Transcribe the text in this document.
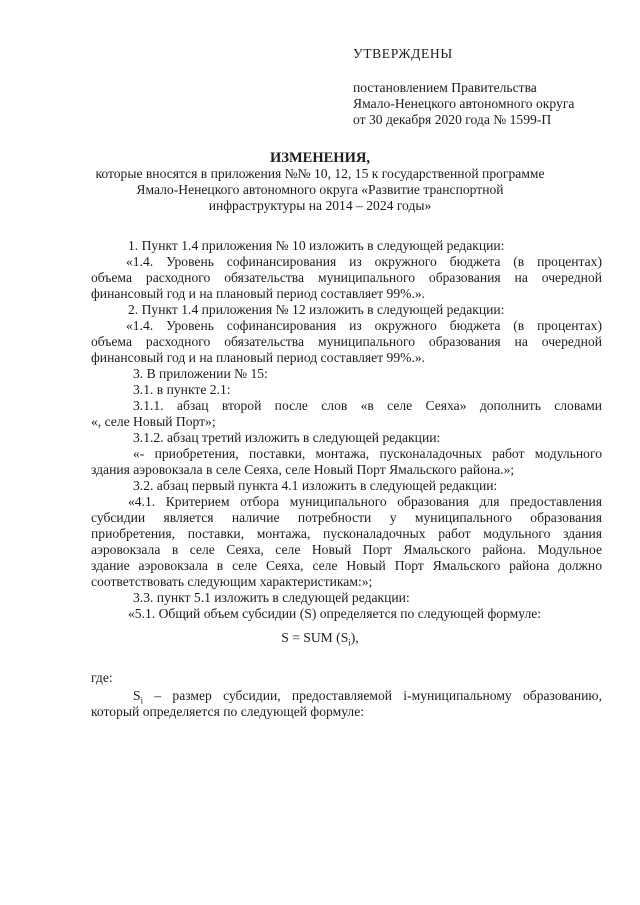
УТВЕРЖДЕНЫ
постановлением Правительства
Ямало-Ненецкого автономного округа
от 30 декабря 2020 года № 1599-П
ИЗМЕНЕНИЯ,
которые вносятся в приложения №№ 10, 12, 15 к государственной программе
Ямало-Ненецкого автономного округа «Развитие транспортной
инфраструктуры на 2014 – 2024 годы»
1. Пункт 1.4 приложения № 10 изложить в следующей редакции:
«1.4. Уровень софинансирования из окружного бюджета (в процентах)
объема расходного обязательства муниципального образования на очередной
финансовый год и на плановый период составляет 99%.».
2. Пункт 1.4 приложения № 12 изложить в следующей редакции:
«1.4. Уровень софинансирования из окружного бюджета (в процентах)
объема расходного обязательства муниципального образования на очередной
финансовый год и на плановый период составляет 99%.».
3. В приложении № 15:
3.1. в пункте 2.1:
3.1.1. абзац второй после слов «в селе Сеяха» дополнить словами
«, селе Новый Порт»;
3.1.2. абзац третий изложить в следующей редакции:
«- приобретения, поставки, монтажа, пусконаладочных работ модульного
здания аэровокзала в селе Сеяха, селе Новый Порт Ямальского района.»;
3.2. абзац первый пункта 4.1 изложить в следующей редакции:
«4.1. Критерием отбора муниципального образования для предоставления
субсидии является наличие потребности у муниципального образования
приобретения, поставки, монтажа, пусконаладочных работ модульного здания
аэровокзала в селе Сеяха, селе Новый Порт Ямальского района. Модульное
здание аэровокзала в селе Сеяха, селе Новый Порт Ямальского района должно
соответствовать следующим характеристикам:»;
3.3. пункт 5.1 изложить в следующей редакции:
«5.1. Общий объем субсидии (S) определяется по следующей формуле:
S = SUM $(S_i)$,
где:
$S_i$ – размер субсидии, предоставляемой i-муниципальному образованию,
который определяется по следующей формуле:
